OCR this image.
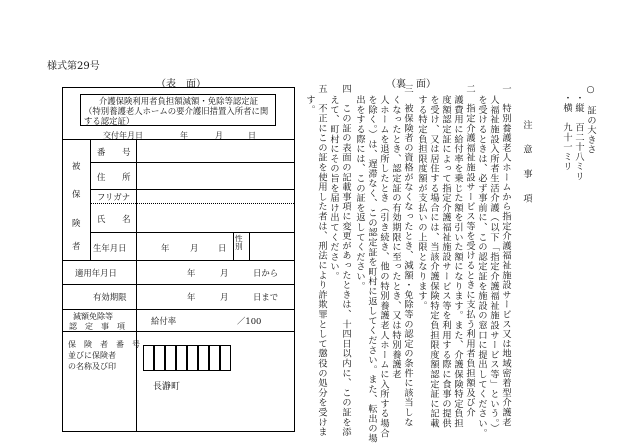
様式第29号
（表　面）	（裏　面）
介護保険利用者負担額減額・免除等認定証
（特別養護老人ホームの要介護旧措置入所者に関
する認定証）
交付年月日	年	月	日
被
保
険
者
番　　号
住　　所
フリガナ
氏　　名
生年月日	年 月 日
性別
適用年月日	年	月	日から
有効期限	年	月	日まで
減額免除等
認　定　事　項
給付率	／100
保　険　者　番　号
並びに保険者
の名称及び印
長瀞町
○　証の大きさ
・縦　百二十八ミリ
・横　九十一ミリ
注　意　事　項
一　特別養護老人ホームから指定介護福祉施設サービス又は地域密着型介護老
人福祉施設入所者生活介護（以下「指定介護福祉施設サービス等」という。）
を受けるときは、必ず事前に、この認定証を施設の窓口に提出してください。
二　指定介護福祉施設サービス等を受けるときに支払う利用者負担額及び介
護費用に給付率を乗じた額を引いた額になります。また、介護保険特定負担
度額認定証によって指定介護福祉施設サービス等を利用する際に食事の提供
を受け、又は居住する場合には、当該介護保険特定負担限度額認定証に記載
する特定負担限度額が支払いの上限となります。
三　被保険者の資格がなくなったとき、減額・免除等の認定の条件に該当しな
くなったとき、認定証の有効期限に至ったとき、又は特別養護老
人ホームを退所したとき（引き続き、他の特別養護老人ホームに入所する場合
を除く。）は、遅滞なく、この認定証を町村に返してください。また、転出の場
出をする際には、この証を返してください。
四　この証の表面の記載事項に変更があったときは、十四日以内に、この証を添
えて、町村にその旨を届け出てください。
五　不正にこの証を使用した者は、刑法により詐欺罪として懲役の処分を受けま
す。
